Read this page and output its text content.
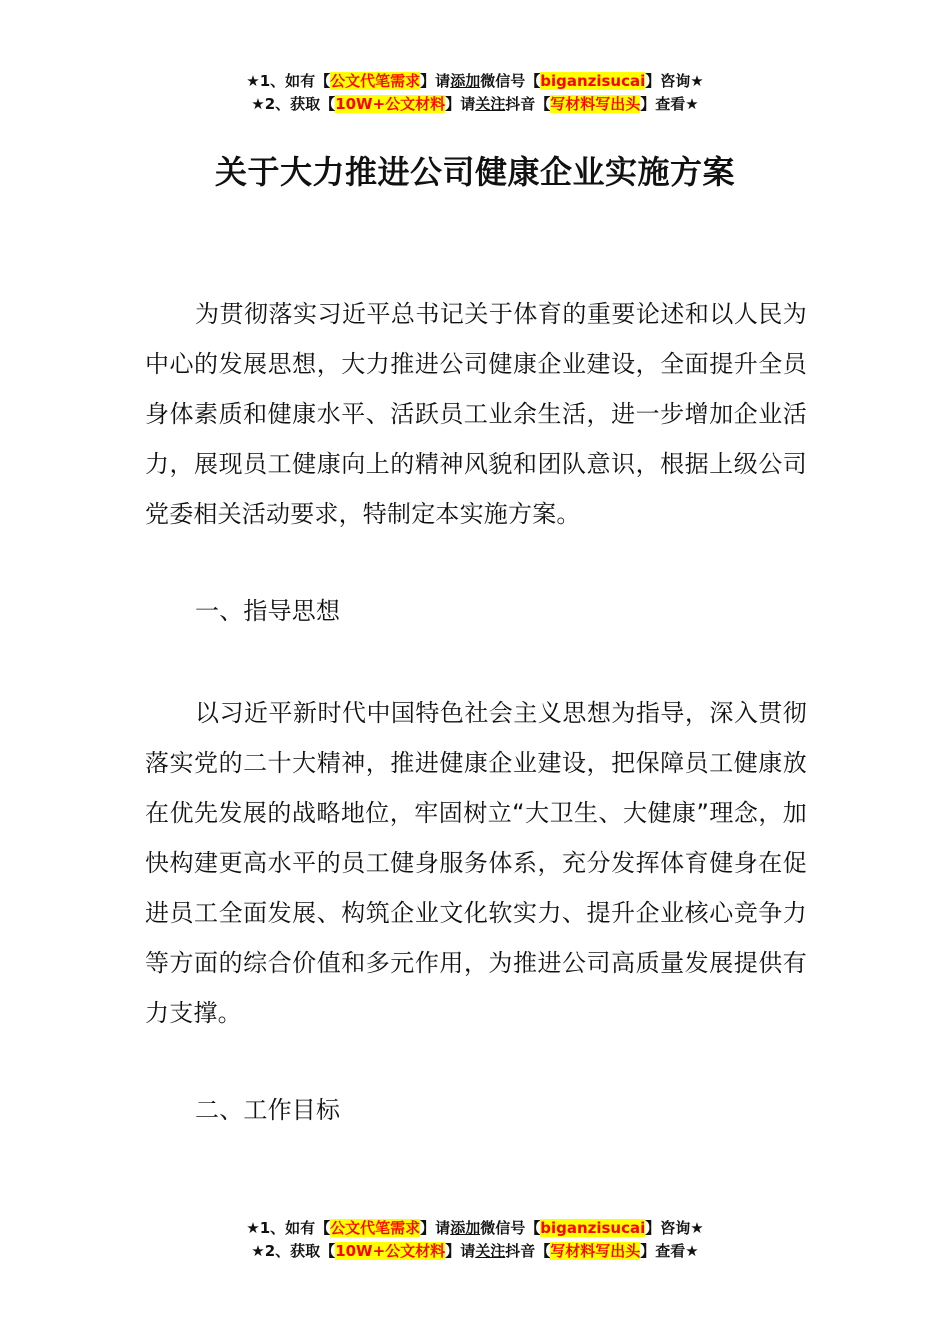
★1、如有【公文代笔需求】请添加微信号【biganzisucai】咨询★
★2、获取【10W+公文材料】请关注抖音【写材料写出头】查看★
关于大力推进公司健康企业实施方案
为贯彻落实习近平总书记关于体育的重要论述和以人民为中心的发展思想，大力推进公司健康企业建设，全面提升全员身体素质和健康水平、活跃员工业余生活，进一步增加企业活力，展现员工健康向上的精神风貌和团队意识，根据上级公司党委相关活动要求，特制定本实施方案。
一、指导思想
以习近平新时代中国特色社会主义思想为指导，深入贯彻落实党的二十大精神，推进健康企业建设，把保障员工健康放在优先发展的战略地位，牢固树立“大卫生、大健康”理念，加快构建更高水平的员工健身服务体系，充分发挥体育健身在促进员工全面发展、构筑企业文化软实力、提升企业核心竞争力等方面的综合价值和多元作用，为推进公司高质量发展提供有力支撑。
二、工作目标
★1、如有【公文代笔需求】请添加微信号【biganzisucai】咨询★
★2、获取【10W+公文材料】请关注抖音【写材料写出头】查看★
